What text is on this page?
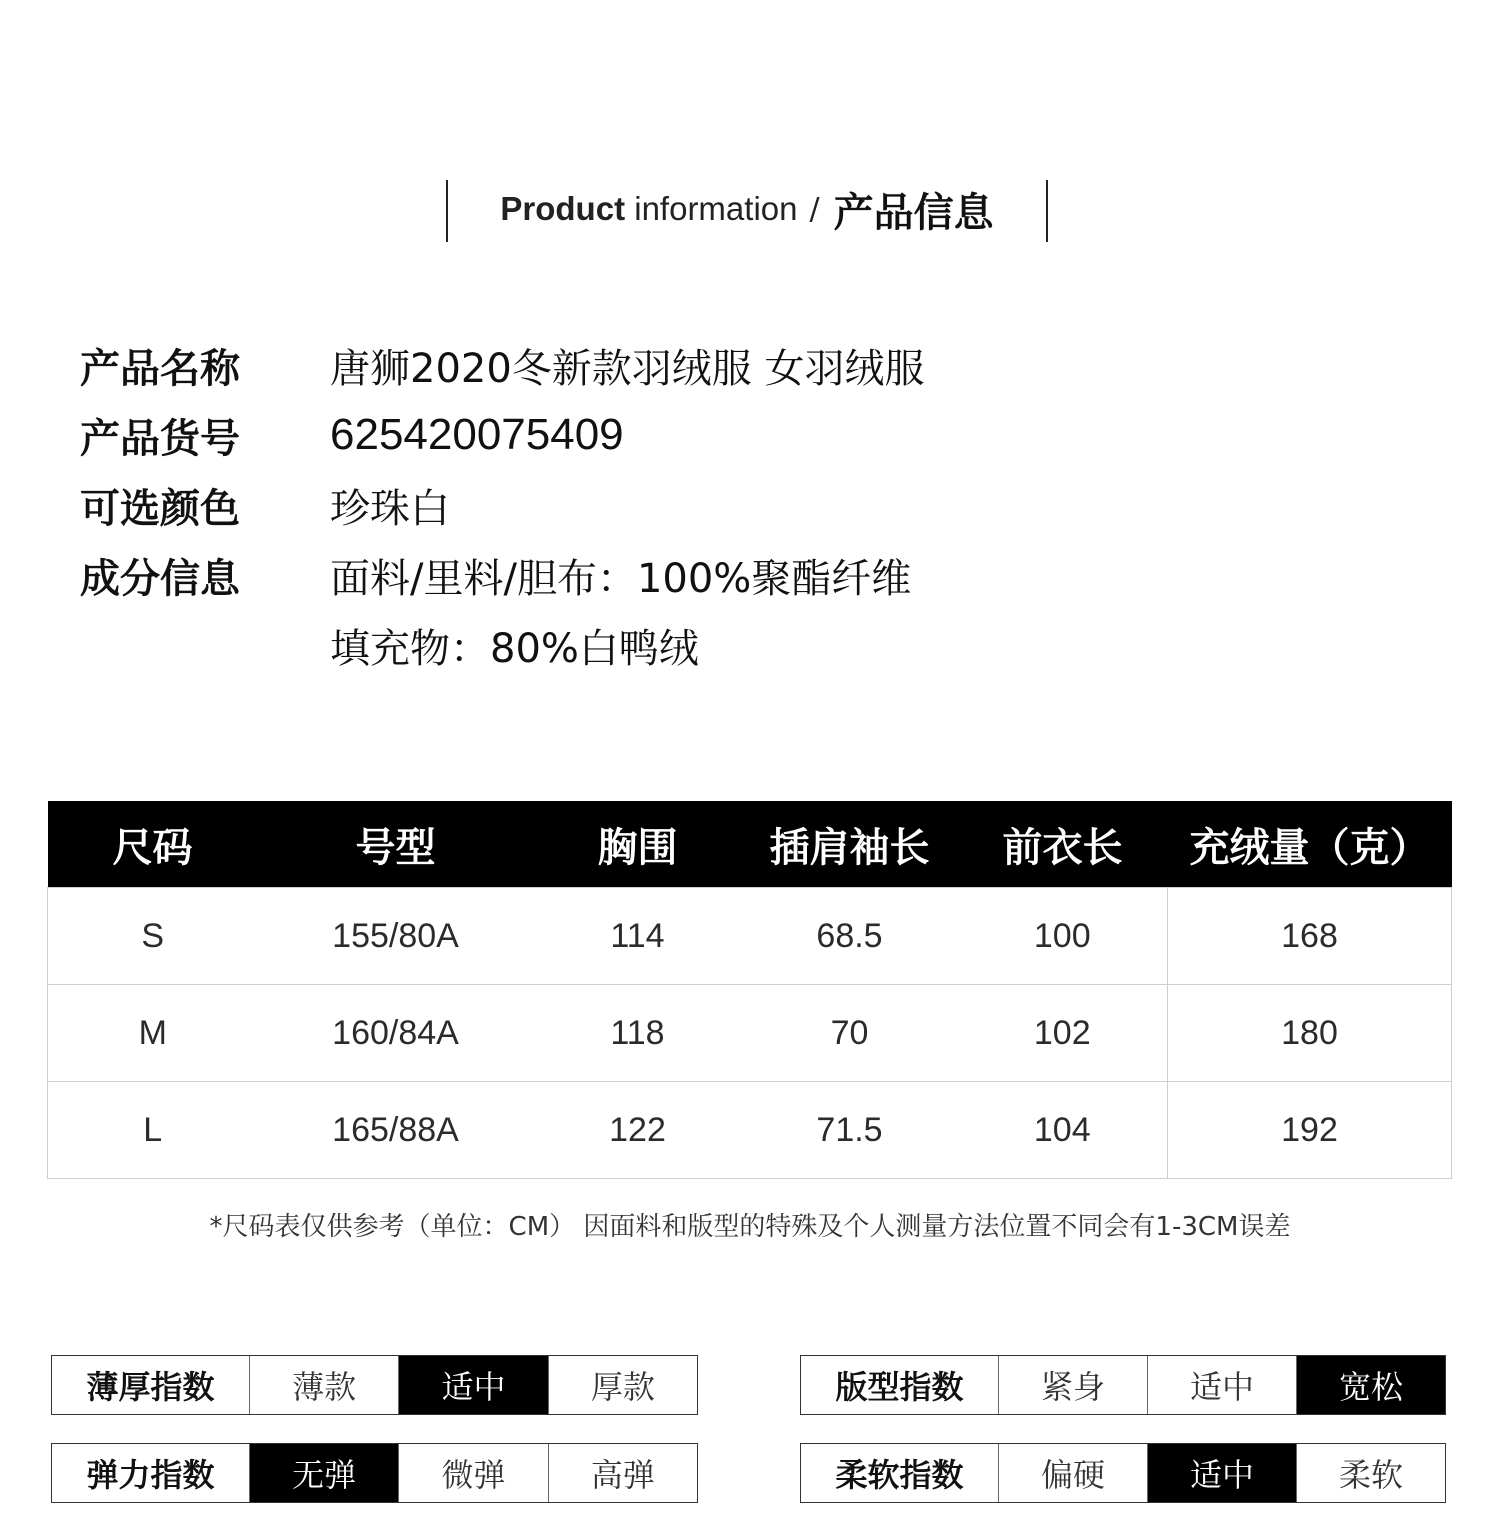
Product information / 产品信息
产品名称	唐狮2020冬新款羽绒服 女羽绒服
产品货号	625420075409
可选颜色	珍珠白
成分信息	面料/里料/胆布：100%聚酯纤维
填充物：80%白鸭绒
尺码	号型	胸围	插肩袖长	前衣长	充绒量（克）
S	155/80A	114	68.5	100	168
M	160/84A	118	70	102	180
L	165/88A	122	71.5	104	192
*尺码表仅供参考（单位：CM） 因面料和版型的特殊及个人测量方法位置不同会有1-3CM误差
薄厚指数	薄款	适中	厚款	版型指数	紧身	适中	宽松
弹力指数	无弹	微弹	高弹	柔软指数	偏硬	适中	柔软
